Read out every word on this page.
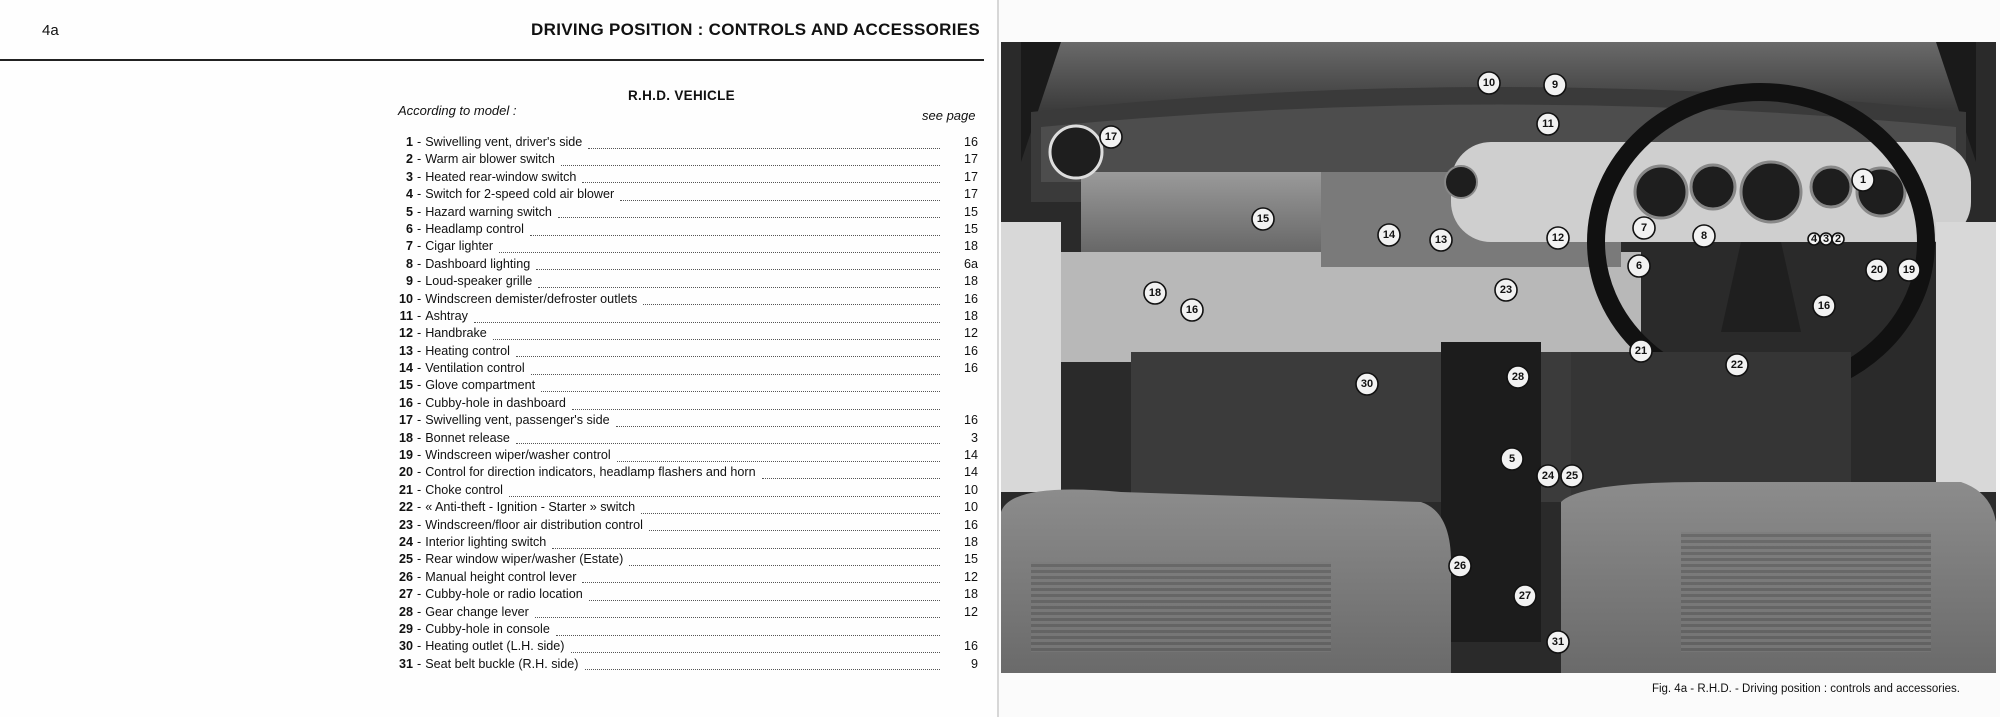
4a	DRIVING POSITION : CONTROLS AND ACCESSORIES
R.H.D. VEHICLE
According to model :	see page
1 - Swivelling vent, driver's side	16
2 - Warm air blower switch	17
3 - Heated rear-window switch	17
4 - Switch for 2-speed cold air blower	17
5 - Hazard warning switch	15
6 - Headlamp control	15
7 - Cigar lighter	18
8 - Dashboard lighting	6a
9 - Loud-speaker grille	18
10 - Windscreen demister/defroster outlets	16
11 - Ashtray	18
12 - Handbrake	12
13 - Heating control	16
14 - Ventilation control	16
15 - Glove compartment
16 - Cubby-hole in dashboard
17 - Swivelling vent, passenger's side	16
18 - Bonnet release	3
19 - Windscreen wiper/washer control	14
20 - Control for direction indicators, headlamp flashers and horn	14
21 - Choke control	10
22 - « Anti-theft - Ignition - Starter » switch	10
23 - Windscreen/floor air distribution control	16
24 - Interior lighting switch	18
25 - Rear window wiper/washer (Estate)	15
26 - Manual height control lever	12
27 - Cubby-hole or radio location	18
28 - Gear change lever	12
29 - Cubby-hole in console
30 - Heating outlet (L.H. side)	16
31 - Seat belt buckle (R.H. side)	9
Fig. 4a - R.H.D. - Driving position : controls and accessories.
10	9
17
11
1
15
14	13	12
7
8	4 3 2
6	20 19
18
16
23
16
21
22
30
28
5
24 25
26
27
31
